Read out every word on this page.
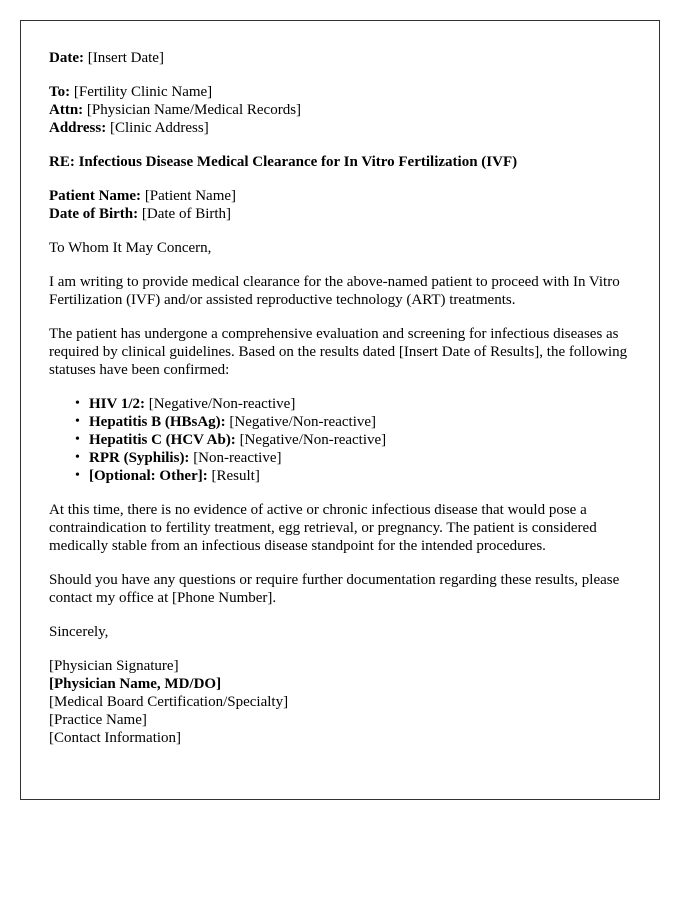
Date: [Insert Date]
To: [Fertility Clinic Name]
Attn: [Physician Name/Medical Records]
Address: [Clinic Address]
RE: Infectious Disease Medical Clearance for In Vitro Fertilization (IVF)
Patient Name: [Patient Name]
Date of Birth: [Date of Birth]

To Whom It May Concern,

I am writing to provide medical clearance for the above-named patient to proceed with In Vitro Fertilization (IVF) and/or assisted reproductive technology (ART) treatments.

The patient has undergone a comprehensive evaluation and screening for infectious diseases as required by clinical guidelines. Based on the results dated [Insert Date of Results], the following statuses have been confirmed:

• HIV 1/2: [Negative/Non-reactive]
• Hepatitis B (HBsAg): [Negative/Non-reactive]
• Hepatitis C (HCV Ab): [Negative/Non-reactive]
• RPR (Syphilis): [Non-reactive]
• [Optional: Other]: [Result]

At this time, there is no evidence of active or chronic infectious disease that would pose a contraindication to fertility treatment, egg retrieval, or pregnancy. The patient is considered medically stable from an infectious disease standpoint for the intended procedures.

Should you have any questions or require further documentation regarding these results, please contact my office at [Phone Number].

Sincerely,

[Physician Signature]
[Physician Name, MD/DO]
[Medical Board Certification/Specialty]
[Practice Name]
[Contact Information]
